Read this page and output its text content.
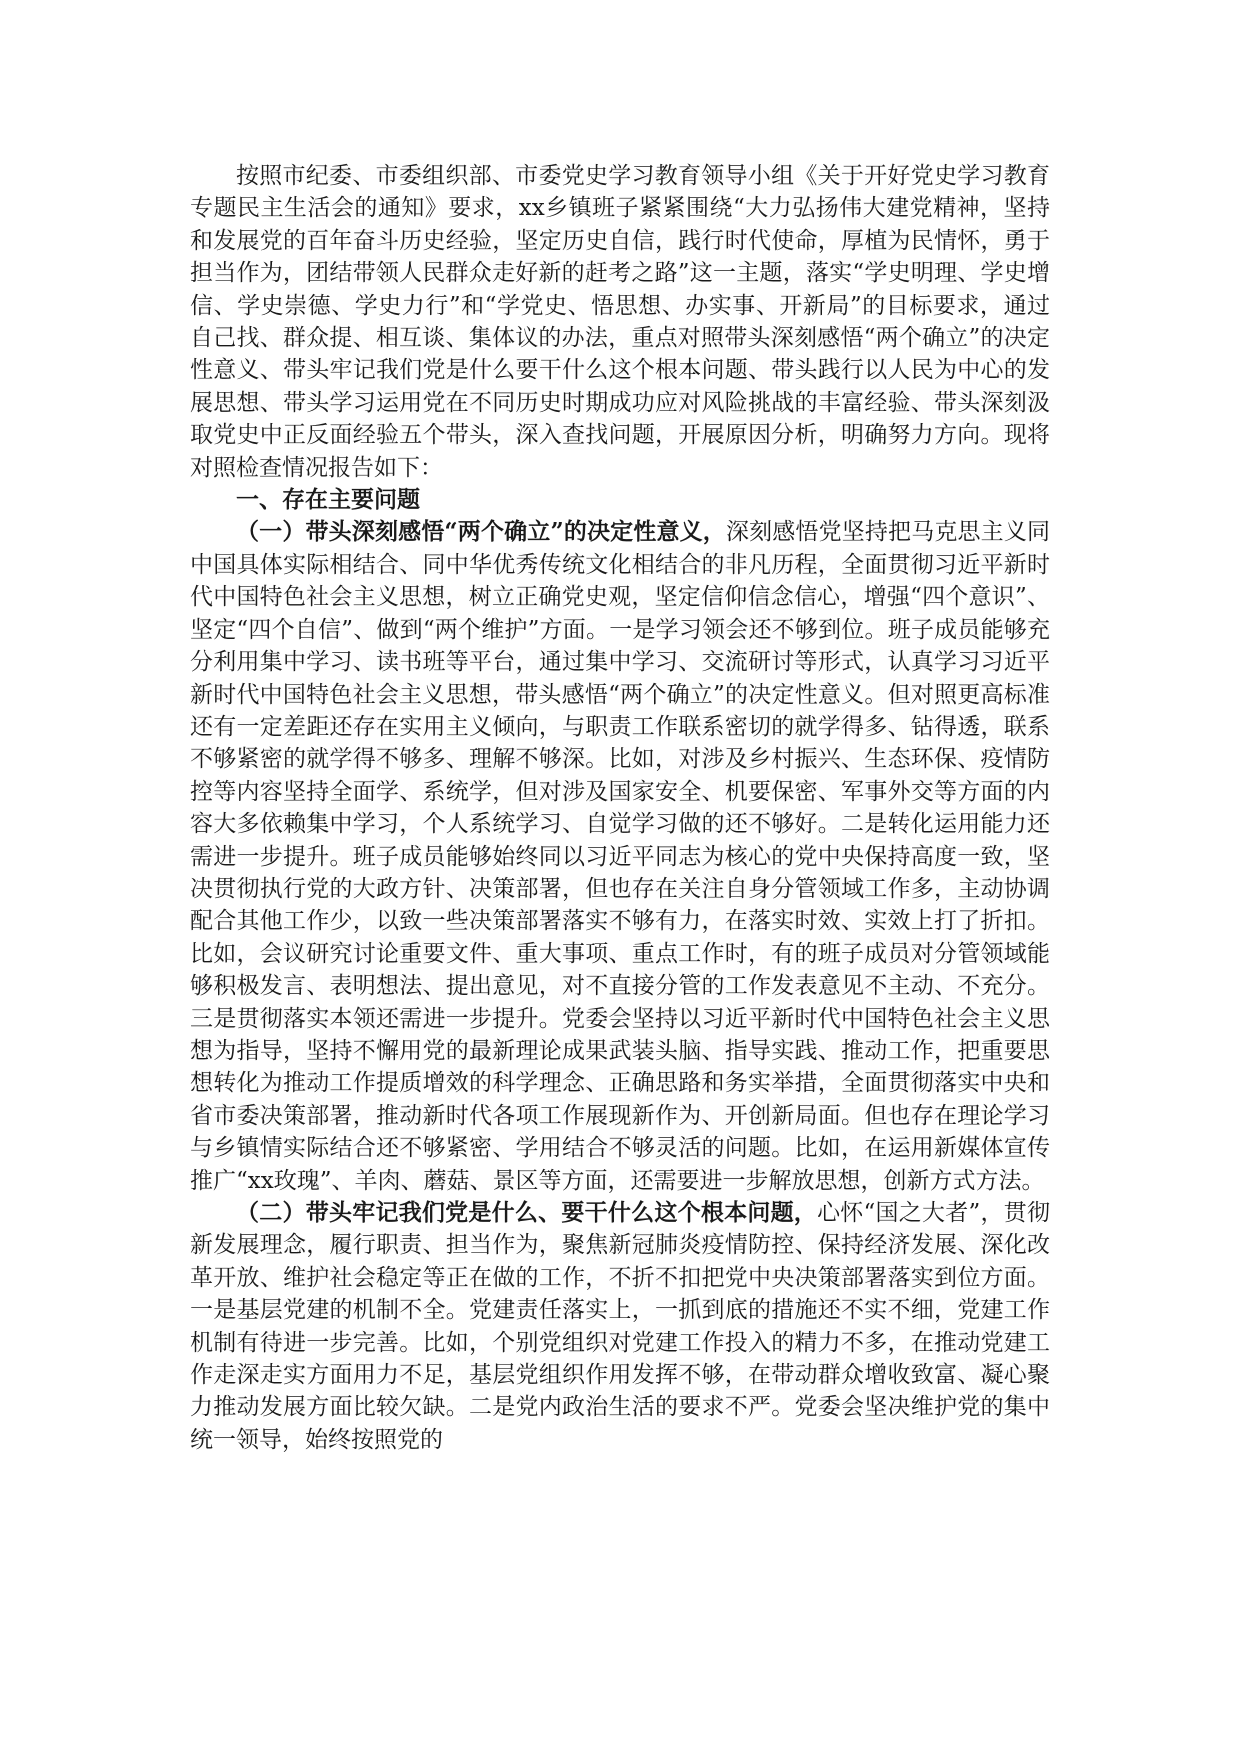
按照市纪委、市委组织部、市委党史学习教育领导小组《关于开好党史学习教育专题民主生活会的通知》要求，xx乡镇班子紧紧围绕“大力弘扬伟大建党精神，坚持和发展党的百年奋斗历史经验，坚定历史自信，践行时代使命，厚植为民情怀，勇于担当作为，团结带领人民群众走好新的赶考之路”这一主题，落实“学史明理、学史增信、学史崇德、学史力行”和“学党史、悟思想、办实事、开新局”的目标要求，通过自己找、群众提、相互谈、集体议的办法，重点对照带头深刻感悟“两个确立”的决定性意义、带头牢记我们党是什么要干什么这个根本问题、带头践行以人民为中心的发展思想、带头学习运用党在不同历史时期成功应对风险挑战的丰富经验、带头深刻汲取党史中正反面经验五个带头，深入查找问题，开展原因分析，明确努力方向。现将对照检查情况报告如下：

一、存在主要问题

（一）带头深刻感悟“两个确立”的决定性意义，深刻感悟党坚持把马克思主义同中国具体实际相结合、同中华优秀传统文化相结合的非凡历程，全面贯彻习近平新时代中国特色社会主义思想，树立正确党史观，坚定信仰信念信心，增强“四个意识”、坚定“四个自信”、做到“两个维护”方面。一是学习领会还不够到位。班子成员能够充分利用集中学习、读书班等平台，通过集中学习、交流研讨等形式，认真学习习近平新时代中国特色社会主义思想，带头感悟“两个确立”的决定性意义。但对照更高标准还有一定差距还存在实用主义倾向，与职责工作联系密切的就学得多、钻得透，联系不够紧密的就学得不够多、理解不够深。比如，对涉及乡村振兴、生态环保、疫情防控等内容坚持全面学、系统学，但对涉及国家安全、机要保密、军事外交等方面的内容大多依赖集中学习，个人系统学习、自觉学习做的还不够好。二是转化运用能力还需进一步提升。班子成员能够始终同以习近平同志为核心的党中央保持高度一致，坚决贯彻执行党的大政方针、决策部署，但也存在关注自身分管领域工作多，主动协调配合其他工作少，以致一些决策部署落实不够有力，在落实时效、实效上打了折扣。比如，会议研究讨论重要文件、重大事项、重点工作时，有的班子成员对分管领域能够积极发言、表明想法、提出意见，对不直接分管的工作发表意见不主动、不充分。三是贯彻落实本领还需进一步提升。党委会坚持以习近平新时代中国特色社会主义思想为指导，坚持不懈用党的最新理论成果武装头脑、指导实践、推动工作，把重要思想转化为推动工作提质增效的科学理念、正确思路和务实举措，全面贯彻落实中央和省市委决策部署，推动新时代各项工作展现新作为、开创新局面。但也存在理论学习与乡镇情实际结合还不够紧密、学用结合不够灵活的问题。比如，在运用新媒体宣传推广“xx玫瑰”、羊肉、蘑菇、景区等方面，还需要进一步解放思想，创新方式方法。

（二）带头牢记我们党是什么、要干什么这个根本问题，心怀“国之大者”，贯彻新发展理念，履行职责、担当作为，聚焦新冠肺炎疫情防控、保持经济发展、深化改革开放、维护社会稳定等正在做的工作，不折不扣把党中央决策部署落实到位方面。一是基层党建的机制不全。党建责任落实上，一抓到底的措施还不实不细，党建工作机制有待进一步完善。比如，个别党组织对党建工作投入的精力不多，在推动党建工作走深走实方面用力不足，基层党组织作用发挥不够，在带动群众增收致富、凝心聚力推动发展方面比较欠缺。二是党内政治生活的要求不严。党委会坚决维护党的集中统一领导，始终按照党的
